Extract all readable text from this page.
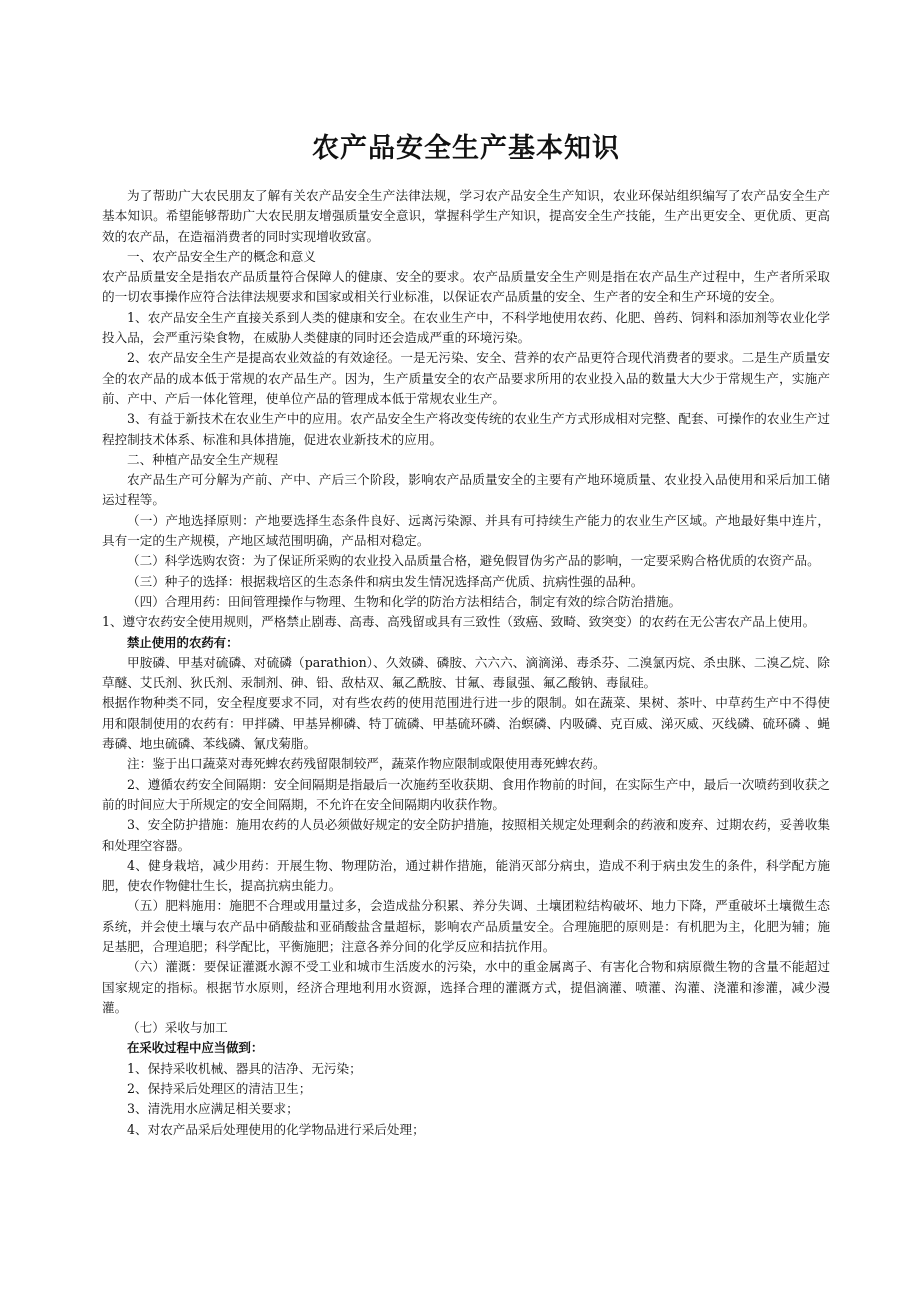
农产品安全生产基本知识

为了帮助广大农民朋友了解有关农产品安全生产法律法规，学习农产品安全生产知识，农业环保站组织编写了农产品安全生产基本知识。希望能够帮助广大农民朋友增强质量安全意识，掌握科学生产知识，提高安全生产技能，生产出更安全、更优质、更高效的农产品，在造福消费者的同时实现增收致富。

一、农产品安全生产的概念和意义

农产品质量安全是指农产品质量符合保障人的健康、安全的要求。农产品质量安全生产则是指在农产品生产过程中，生产者所采取的一切农事操作应符合法律法规要求和国家或相关行业标准，以保证农产品质量的安全、生产者的安全和生产环境的安全。

1、农产品安全生产直接关系到人类的健康和安全。在农业生产中，不科学地使用农药、化肥、兽药、饲料和添加剂等农业化学投入品，会严重污染食物，在威胁人类健康的同时还会造成严重的环境污染。

2、农产品安全生产是提高农业效益的有效途径。一是无污染、安全、营养的农产品更符合现代消费者的要求。二是生产质量安全的农产品的成本低于常规的农产品生产。因为，生产质量安全的农产品要求所用的农业投入品的数量大大少于常规生产，实施产前、产中、产后一体化管理，使单位产品的管理成本低于常规农业生产。

3、有益于新技术在农业生产中的应用。农产品安全生产将改变传统的农业生产方式形成相对完整、配套、可操作的农业生产过程控制技术体系、标准和具体措施，促进农业新技术的应用。

二、种植产品安全生产规程

农产品生产可分解为产前、产中、产后三个阶段，影响农产品质量安全的主要有产地环境质量、农业投入品使用和采后加工储运过程等。

（一）产地选择原则：产地要选择生态条件良好、远离污染源、并具有可持续生产能力的农业生产区域。产地最好集中连片，具有一定的生产规模，产地区域范围明确，产品相对稳定。

（二）科学选购农资：为了保证所采购的农业投入品质量合格，避免假冒伪劣产品的影响，一定要采购合格优质的农资产品。

（三）种子的选择：根据栽培区的生态条件和病虫发生情况选择高产优质、抗病性强的品种。

（四）合理用药：田间管理操作与物理、生物和化学的防治方法相结合，制定有效的综合防治措施。

1、遵守农药安全使用规则，严格禁止剧毒、高毒、高残留或具有三致性（致癌、致畸、致突变）的农药在无公害农产品上使用。

禁止使用的农药有：

甲胺磷、甲基对硫磷、对硫磷（parathion）、久效磷、磷胺、六六六、滴滴涕、毒杀芬、二溴氯丙烷、杀虫脒、二溴乙烷、除草醚、艾氏剂、狄氏剂、汞制剂、砷、铅、敌枯双、氟乙酰胺、甘氟、毒鼠强、氟乙酸钠、毒鼠硅。

根据作物种类不同，安全程度要求不同，对有些农药的使用范围进行进一步的限制。如在蔬菜、果树、茶叶、中草药生产中不得使用和限制使用的农药有：甲拌磷、甲基异柳磷、特丁硫磷、甲基硫环磷、治螟磷、内吸磷、克百威、涕灭威、灭线磷、硫环磷 、蝇毒磷、地虫硫磷、苯线磷、氰戊菊脂。

注：鉴于出口蔬菜对毒死蜱农药残留限制较严，蔬菜作物应限制或限使用毒死蜱农药。

2、遵循农药安全间隔期：安全间隔期是指最后一次施药至收获期、食用作物前的时间，在实际生产中，最后一次喷药到收获之前的时间应大于所规定的安全间隔期，不允许在安全间隔期内收获作物。

3、安全防护措施：施用农药的人员必须做好规定的安全防护措施，按照相关规定处理剩余的药液和废弃、过期农药，妥善收集和处理空容器。

4、健身栽培，减少用药：开展生物、物理防治，通过耕作措施，能消灭部分病虫，造成不利于病虫发生的条件，科学配方施肥，使农作物健壮生长，提高抗病虫能力。

（五）肥料施用：施肥不合理或用量过多，会造成盐分积累、养分失调、土壤团粒结构破坏、地力下降，严重破坏土壤微生态系统，并会使土壤与农产品中硝酸盐和亚硝酸盐含量超标，影响农产品质量安全。合理施肥的原则是：有机肥为主，化肥为辅；施足基肥，合理追肥；科学配比，平衡施肥；注意各养分间的化学反应和拮抗作用。

（六）灌溉：要保证灌溉水源不受工业和城市生活废水的污染，水中的重金属离子、有害化合物和病原微生物的含量不能超过国家规定的指标。根据节水原则，经济合理地利用水资源，选择合理的灌溉方式，提倡滴灌、喷灌、沟灌、浇灌和渗灌，减少漫灌。

（七）采收与加工

在采收过程中应当做到：

1、保持采收机械、器具的洁净、无污染；

2、保持采后处理区的清洁卫生；

3、清洗用水应满足相关要求；

4、对农产品采后处理使用的化学物品进行采后处理；
